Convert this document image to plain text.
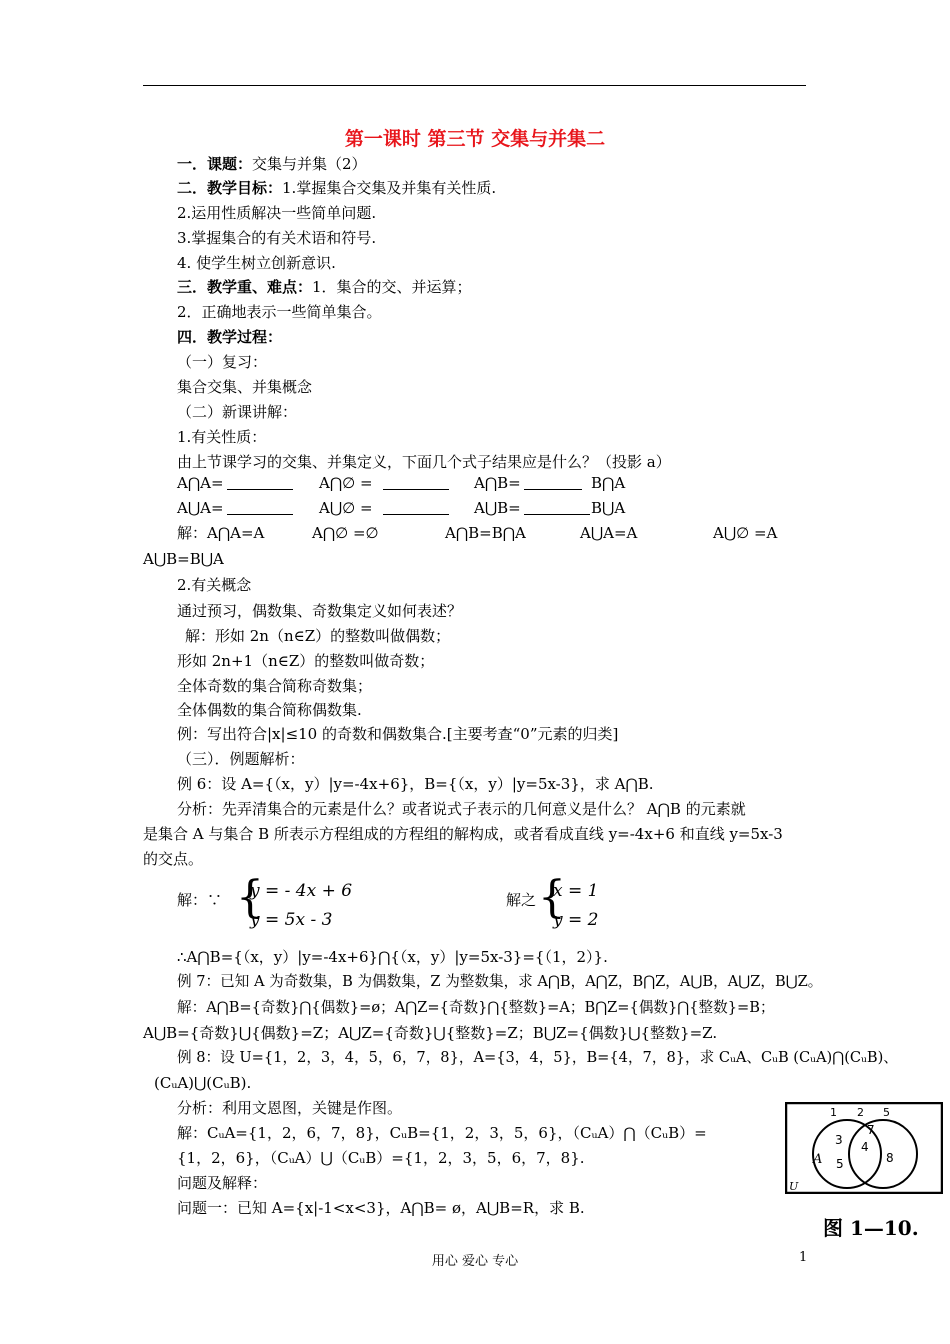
第一课时 第三节 交集与并集二
一．课题：交集与并集（2）
二．教学目标：1.掌握集合交集及并集有关性质.
2.运用性质解决一些简单问题.
3.掌握集合的有关术语和符号.
4. 使学生树立创新意识.
三．教学重、难点：1．集合的交、并运算；
2．正确地表示一些简单集合。
四．教学过程：
（一）复习：
集合交集、并集概念
（二）新课讲解：
1.有关性质：
由上节课学习的交集、并集定义，下面几个式子结果应是什么？（投影 a）
A⋂A=	A⋂∅ =	A⋂B=	B⋂A
A⋃A=	A⋃∅ =	A⋃B=	B⋃A
解：A⋂A=A	A⋂∅ =∅	A⋂B=B⋂A	A⋃A=A	A⋃∅ =A
A⋃B=B⋃A
2.有关概念
通过预习，偶数集、奇数集定义如何表述？
解：形如 2n（n∈Z）的整数叫做偶数；
形如 2n+1（n∈Z）的整数叫做奇数；
全体奇数的集合简称奇数集；
全体偶数的集合简称偶数集.
例：写出符合|x|≤10 的奇数和偶数集合.[主要考查“0”元素的归类]
（三）．例题解析：
例 6：设 A={（x，y）|y=-4x+6}，B={（x，y）|y=5x-3}，求 A⋂B.
分析：先弄清集合的元素是什么？或者说式子表示的几何意义是什么？ A⋂B 的元素就
是集合 A 与集合 B 所表示方程组成的方程组的解构成，或者看成直线 y=-4x+6 和直线 y=5x-3
的交点。
解：∵ {
y = - 4x + 6
y = 5x - 3
解之 {
x = 1
y = 2
∴A⋂B={（x，y）|y=-4x+6}⋂{（x，y）|y=5x-3}={（1，2）}.
例 7：已知 A 为奇数集，B 为偶数集，Z 为整数集，求 A⋂B，A⋂Z，B⋂Z，A⋃B，A⋃Z，B⋃Z。
解：A⋂B={奇数}⋂{偶数}=ø；A⋂Z={奇数}⋂{整数}=A；B⋂Z={偶数}⋂{整数}=B；
A⋃B={奇数}⋃{偶数}=Z；A⋃Z={奇数}⋃{整数}=Z；B⋃Z={偶数}⋃{整数}=Z.
例 8：设 U={1，2，3，4，5，6，7，8}，A={3，4，5}，B={4，7，8}，求 CᵤA、CᵤB (CᵤA)⋂(CᵤB)、
(CᵤA)⋃(CᵤB).
分析：利用文恩图，关键是作图。
解：CᵤA={1，2，6，7，8}，CᵤB={1，2，3，5，6}，（CᵤA）⋂（CᵤB）=
{1，2，6}，（CᵤA）⋃（CᵤB）={1，2，3，5，6，7，8}.
问题及解释：
问题一：已知 A={x|-1<x<3}，A⋂B= ø，A⋃B=R，求 B.
1 2 5
A
3 4
5
7
8
U
图 1—10.
用心 爱心 专心	1
